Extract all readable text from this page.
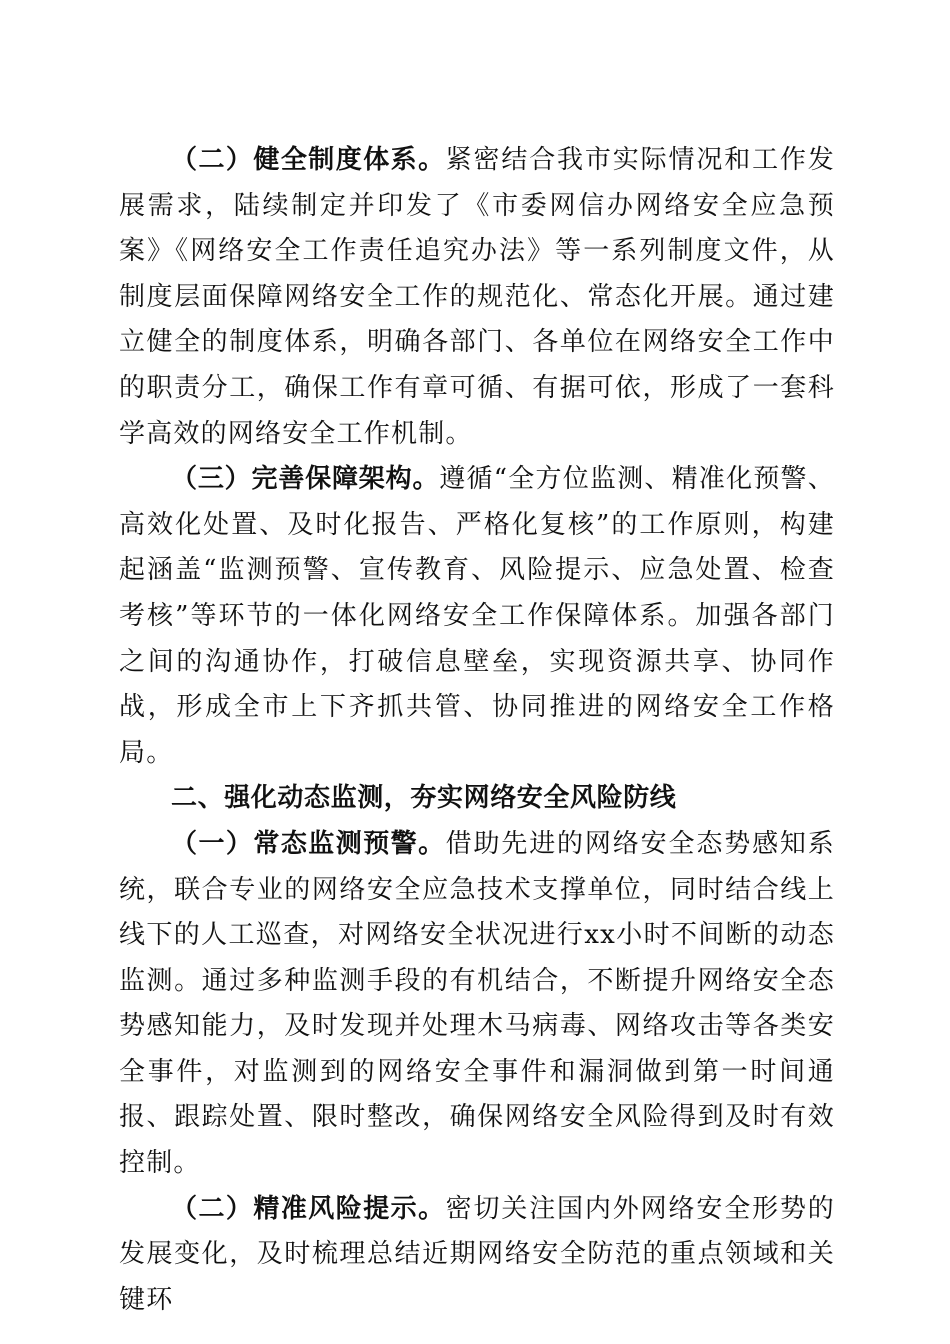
（二）健全制度体系。紧密结合我市实际情况和工作发展需求，陆续制定并印发了《市委网信办网络安全应急预案》《网络安全工作责任追究办法》等一系列制度文件，从制度层面保障网络安全工作的规范化、常态化开展。通过建立健全的制度体系，明确各部门、各单位在网络安全工作中的职责分工，确保工作有章可循、有据可依，形成了一套科学高效的网络安全工作机制。

（三）完善保障架构。遵循“全方位监测、精准化预警、高效化处置、及时化报告、严格化复核”的工作原则，构建起涵盖“监测预警、宣传教育、风险提示、应急处置、检查考核”等环节的一体化网络安全工作保障体系。加强各部门之间的沟通协作，打破信息壁垒，实现资源共享、协同作战，形成全市上下齐抓共管、协同推进的网络安全工作格局。

二、强化动态监测，夯实网络安全风险防线

（一）常态监测预警。借助先进的网络安全态势感知系统，联合专业的网络安全应急技术支撑单位，同时结合线上线下的人工巡查，对网络安全状况进行xx小时不间断的动态监测。通过多种监测手段的有机结合，不断提升网络安全态势感知能力，及时发现并处理木马病毒、网络攻击等各类安全事件，对监测到的网络安全事件和漏洞做到第一时间通报、跟踪处置、限时整改，确保网络安全风险得到及时有效控制。

（二）精准风险提示。密切关注国内外网络安全形势的发展变化，及时梳理总结近期网络安全防范的重点领域和关键环
